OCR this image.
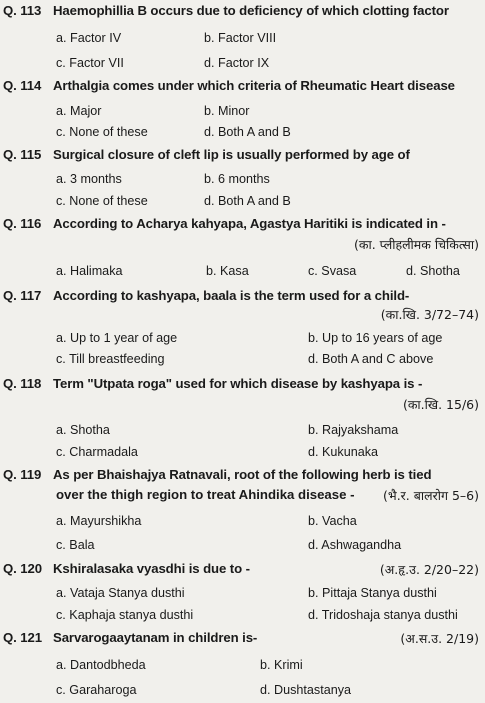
Q. 113 Haemophillia B occurs due to deficiency of which clotting factor
a. Factor IV	b. Factor VIII
c. Factor VII	d. Factor IX
Q. 114 Arthalgia comes under which criteria of Rheumatic Heart disease
a. Major	b. Minor
c. None of these	d. Both A and B
Q. 115 Surgical closure of cleft lip is usually performed by age of
a. 3 months	b. 6 months
c. None of these	d. Both A and B
Q. 116 According to Acharya kahyapa, Agastya Haritiki is indicated in -
(का. प्लीहलीमक चिकित्सा)
a. Halimaka	b. Kasa	c. Svasa	d. Shotha
Q. 117 According to kashyapa, baala is the term used for a child-
(का.खि. 3/72–74)
a. Up to 1 year of age	b. Up to 16 years of age
c. Till breastfeeding	d. Both A and C above
Q. 118 Term "Utpata roga" used for which disease by kashyapa is -
(का.खि. 15/6)
a. Shotha	b. Rajyakshama
c. Charmadala	d. Kukunaka
Q. 119 As per Bhaishajya Ratnavali, root of the following herb is tied
over the thigh region to treat Ahindika disease - (भै.र. बालरोग 5–6)
a. Mayurshikha	b. Vacha
c. Bala	d. Ashwagandha
Q. 120 Kshiralasaka vyasdhi is due to -	(अ.हृ.उ. 2/20–22)
a. Vataja Stanya dusthi	b. Pittaja Stanya dusthi
c. Kaphaja stanya dusthi	d. Tridoshaja stanya dusthi
Q. 121 Sarvarogaaytanam in children is-	(अ.स.उ. 2/19)
a. Dantodbheda	b. Krimi
c. Garaharoga	d. Dushtastanya
